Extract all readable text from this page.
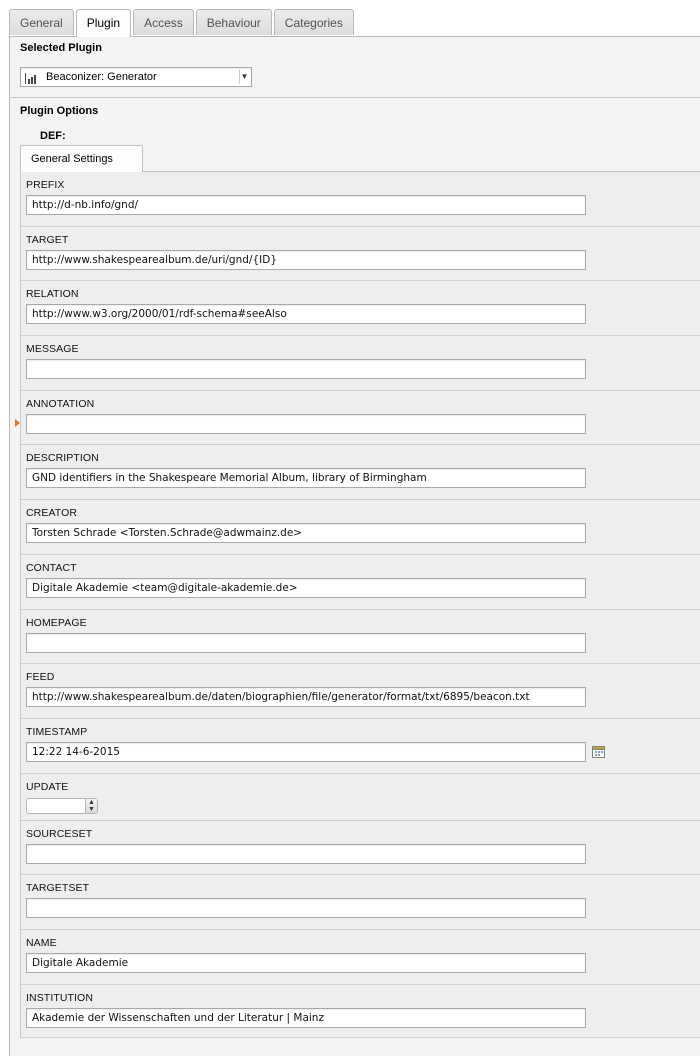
General	Plugin	Access	Behaviour	Categories
Selected Plugin
Beaconizer: Generator	▼
Plugin Options
DEF:
General Settings
PREFIX
http://d-nb.info/gnd/
TARGET
http://www.shakespearealbum.de/uri/gnd/{ID}
RELATION
http://www.w3.org/2000/01/rdf-schema#seeAlso
MESSAGE
ANNOTATION
DESCRIPTION
GND identifiers in the Shakespeare Memorial Album, library of Birmingham
CREATOR
Torsten Schrade <Torsten.Schrade@adwmainz.de>
CONTACT
Digitale Akademie <team@digitale-akademie.de>
HOMEPAGE
FEED
http://www.shakespearealbum.de/daten/biographien/file/generator/format/txt/6895/beacon.txt
TIMESTAMP
12:22 14-6-2015
UPDATE
▲
▼
SOURCESET
TARGETSET
NAME
Digitale Akademie
INSTITUTION
Akademie der Wissenschaften und der Literatur | Mainz
